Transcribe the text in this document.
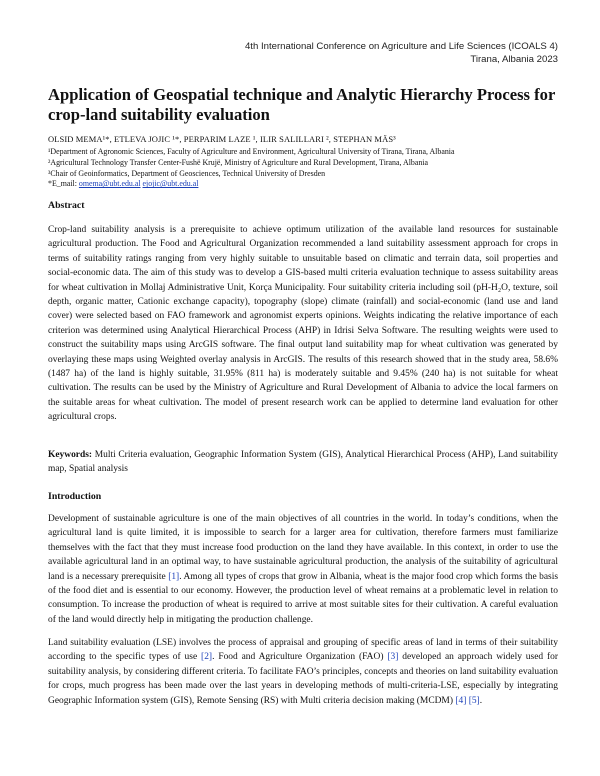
4th International Conference on Agriculture and Life Sciences (ICOALS 4)
Tirana, Albania 2023
Application of Geospatial technique and Analytic Hierarchy Process for crop-land suitability evaluation
OLSID MEMA¹*, ETLEVA JOJIC ¹*, PERPARIM LAZE ¹, ILIR SALILLARI ², STEPHAN MÄS³
¹Department of Agronomic Sciences, Faculty of Agriculture and Environment, Agricultural University of Tirana, Tirana, Albania
²Agricultural Technology Transfer Center-Fushë Krujë, Ministry of Agriculture and Rural Development, Tirana, Albania
³Chair of Geoinformatics, Department of Geosciences, Technical University of Dresden
*E_mail: omema@ubt.edu.al ejojic@ubt.edu.al
Abstract

Crop-land suitability analysis is a prerequisite to achieve optimum utilization of the available land resources for sustainable agricultural production. The Food and Agricultural Organization recommended a land suitability assessment approach for crops in terms of suitability ratings ranging from very highly suitable to unsuitable based on climatic and terrain data, soil properties and social-economic data. The aim of this study was to develop a GIS-based multi criteria evaluation technique to assess suitability areas for wheat cultivation in Mollaj Administrative Unit, Korça Municipality. Four suitability criteria including soil (pH-H₂O, texture, soil depth, organic matter, Cationic exchange capacity), topography (slope) climate (rainfall) and social-economic (land use and land cover) were selected based on FAO framework and agronomist experts opinions. Weights indicating the relative importance of each criterion was determined using Analytical Hierarchical Process (AHP) in Idrisi Selva Software. The resulting weights were used to construct the suitability maps using ArcGIS software. The final output land suitability map for wheat cultivation was generated by overlaying these maps using Weighted overlay analysis in ArcGIS. The results of this research showed that in the study area, 58.6% (1487 ha) of the land is highly suitable, 31.95% (811 ha) is moderately suitable and 9.45% (240 ha) is not suitable for wheat cultivation. The results can be used by the Ministry of Agriculture and Rural Development of Albania to advice the local farmers on the suitable areas for wheat cultivation. The model of present research work can be applied to determine land evaluation for other agricultural crops.

Keywords: Multi Criteria evaluation, Geographic Information System (GIS), Analytical Hierarchical Process (AHP), Land suitability map, Spatial analysis

Introduction

Development of sustainable agriculture is one of the main objectives of all countries in the world. In today’s conditions, when the agricultural land is quite limited, it is impossible to search for a larger area for cultivation, therefore farmers must familiarize themselves with the fact that they must increase food production on the land they have available. In this context, in order to use the available agricultural land in an optimal way, to have sustainable agricultural production, the analysis of the suitability of agricultural land is a necessary prerequisite [1]. Among all types of crops that grow in Albania, wheat is the major food crop which forms the basis of the food diet and is essential to our economy. However, the production level of wheat remains at a problematic level in relation to consumption. To increase the production of wheat is required to arrive at most suitable sites for their cultivation. A careful evaluation of the land would directly help in mitigating the production challenge.

Land suitability evaluation (LSE) involves the process of appraisal and grouping of specific areas of land in terms of their suitability according to the specific types of use [2]. Food and Agriculture Organization (FAO) [3] developed an approach widely used for suitability analysis, by considering different criteria. To facilitate FAO’s principles, concepts and theories on land suitability evaluation for crops, much progress has been made over the last years in developing methods of multi-criteria-LSE, especially by integrating Geographic Information system (GIS), Remote Sensing (RS) with Multi criteria decision making (MCDM) [4] [5].
